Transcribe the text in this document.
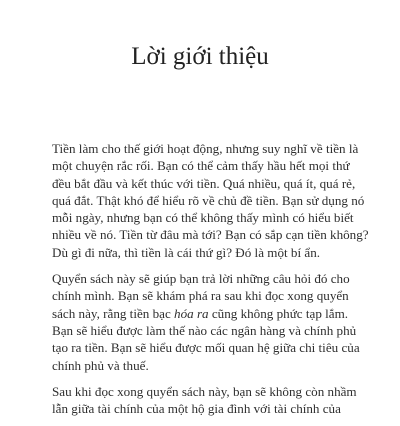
Lời giới thiệu

Tiền làm cho thế giới hoạt động, nhưng suy nghĩ về tiền là
một chuyện rắc rối. Bạn có thể cảm thấy hầu hết mọi thứ
đều bắt đầu và kết thúc với tiền. Quá nhiều, quá ít, quá rẻ,
quá đắt. Thật khó để hiểu rõ về chủ đề tiền. Bạn sử dụng nó
mỗi ngày, nhưng bạn có thể không thấy mình có hiểu biết
nhiều về nó. Tiền từ đâu mà tới? Bạn có sắp cạn tiền không?
Dù gì đi nữa, thì tiền là cái thứ gì? Đó là một bí ẩn.

Quyển sách này sẽ giúp bạn trả lời những câu hỏi đó cho
chính mình. Bạn sẽ khám phá ra sau khi đọc xong quyển
sách này, rằng tiền bạc hóa ra cũng không phức tạp lắm.
Bạn sẽ hiểu được làm thế nào các ngân hàng và chính phủ
tạo ra tiền. Bạn sẽ hiểu được mối quan hệ giữa chi tiêu của
chính phủ và thuế.

Sau khi đọc xong quyển sách này, bạn sẽ không còn nhầm
lẫn giữa tài chính của một hộ gia đình với tài chính của
